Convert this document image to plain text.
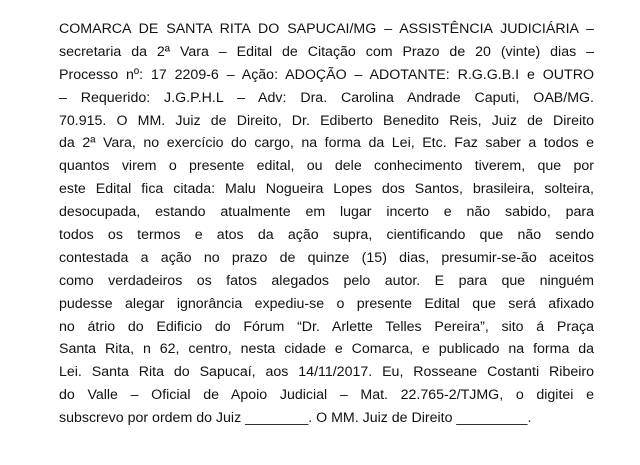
COMARCA DE SANTA RITA DO SAPUCAI/MG – ASSISTÊNCIA JUDICIÁRIA –
secretaria da 2ª Vara – Edital de Citação com Prazo de 20 (vinte) dias –
Processo nº: 17 2209-6 – Ação: ADOÇÃO – ADOTANTE: R.G.G.B.I e OUTRO
– Requerido: J.G.P.H.L – Adv: Dra. Carolina Andrade Caputi, OAB/MG.
70.915. O MM. Juiz de Direito, Dr. Ediberto Benedito Reis, Juiz de Direito
da 2ª Vara, no exercício do cargo, na forma da Lei, Etc. Faz saber a todos e
quantos virem o presente edital, ou dele conhecimento tiverem, que por
este Edital fica citada: Malu Nogueira Lopes dos Santos, brasileira, solteira,
desocupada, estando atualmente em lugar incerto e não sabido, para
todos os termos e atos da ação supra, cientificando que não sendo
contestada a ação no prazo de quinze (15) dias, presumir-se-ão aceitos
como verdadeiros os fatos alegados pelo autor. E para que ninguém
pudesse alegar ignorância expediu-se o presente Edital que será afixado
no átrio do Edificio do Fórum “Dr. Arlette Telles Pereira”, sito á Praça
Santa Rita, n 62, centro, nesta cidade e Comarca, e publicado na forma da
Lei. Santa Rita do Sapucaí, aos 14/11/2017. Eu, Rosseane Costanti Ribeiro
do Valle – Oficial de Apoio Judicial – Mat. 22.765-2/TJMG, o digitei e
subscrevo por ordem do Juiz ________. O MM. Juiz de Direito _________.
